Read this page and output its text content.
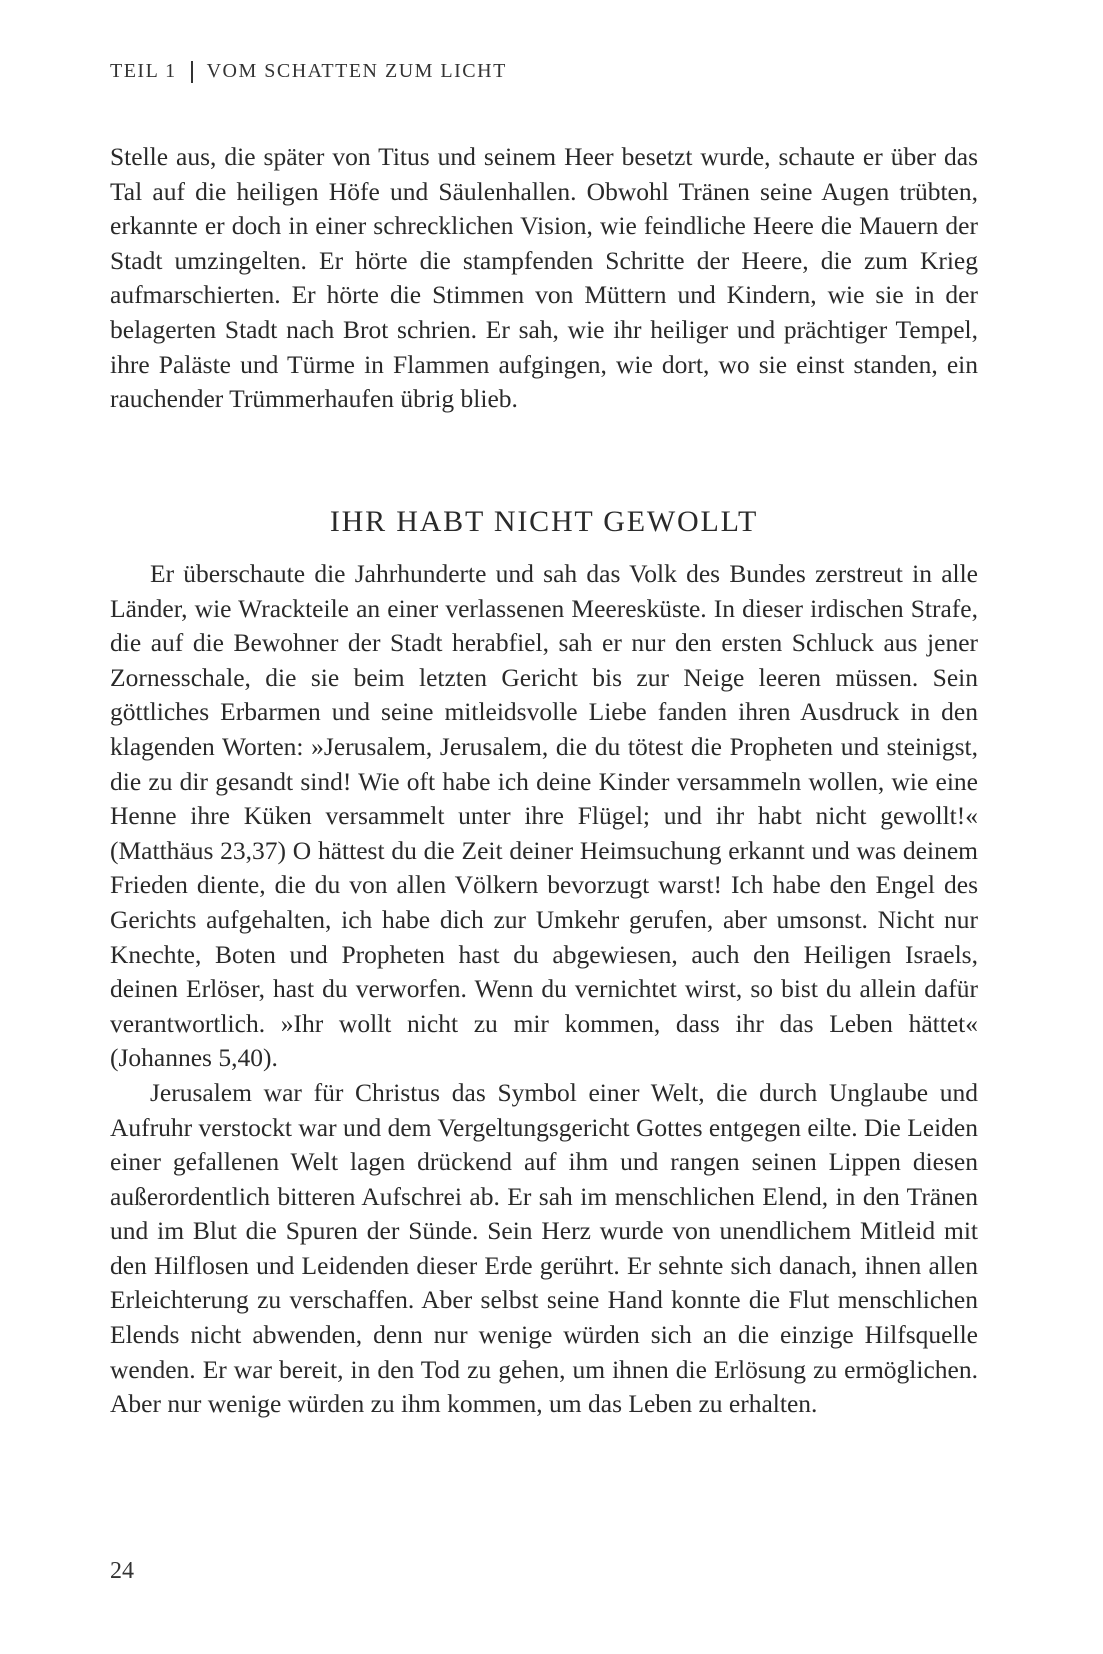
TEIL 1 VOM SCHATTEN ZUM LICHT

Stelle aus, die später von Titus und seinem Heer besetzt wurde, schaute er über das Tal auf die heiligen Höfe und Säulenhallen. Obwohl Tränen seine Augen trübten, erkannte er doch in einer schrecklichen Vision, wie feindliche Heere die Mauern der Stadt umzingelten. Er hörte die stampfenden Schritte der Heere, die zum Krieg aufmarschierten. Er hörte die Stimmen von Müttern und Kindern, wie sie in der belagerten Stadt nach Brot schrien. Er sah, wie ihr heiliger und prächtiger Tempel, ihre Paläste und Türme in Flammen aufgingen, wie dort, wo sie einst standen, ein rauchender Trümmerhaufen übrig blieb.

IHR HABT NICHT GEWOLLT

Er überschaute die Jahrhunderte und sah das Volk des Bundes zerstreut in alle Länder, wie Wrackteile an einer verlassenen Meeresküste. In dieser irdischen Strafe, die auf die Bewohner der Stadt herabfiel, sah er nur den ersten Schluck aus jener Zornesschale, die sie beim letzten Gericht bis zur Neige leeren müssen. Sein göttliches Erbarmen und seine mitleidsvolle Liebe fanden ihren Ausdruck in den klagenden Worten: »Jerusalem, Jerusalem, die du tötest die Propheten und steinigst, die zu dir gesandt sind! Wie oft habe ich deine Kinder versammeln wollen, wie eine Henne ihre Küken versammelt unter ihre Flügel; und ihr habt nicht gewollt!« (Matthäus 23,37) O hättest du die Zeit deiner Heimsuchung erkannt und was deinem Frieden diente, die du von allen Völkern bevorzugt warst! Ich habe den Engel des Gerichts aufgehalten, ich habe dich zur Umkehr gerufen, aber umsonst. Nicht nur Knechte, Boten und Propheten hast du abgewiesen, auch den Heiligen Israels, deinen Erlöser, hast du verworfen. Wenn du vernichtet wirst, so bist du allein dafür verantwortlich. »Ihr wollt nicht zu mir kommen, dass ihr das Leben hättet« (Johannes 5,40).

Jerusalem war für Christus das Symbol einer Welt, die durch Unglaube und Aufruhr verstockt war und dem Vergeltungsgericht Gottes entgegen eilte. Die Leiden einer gefallenen Welt lagen drückend auf ihm und rangen seinen Lippen diesen außerordentlich bitteren Aufschrei ab. Er sah im menschlichen Elend, in den Tränen und im Blut die Spuren der Sünde. Sein Herz wurde von unendlichem Mitleid mit den Hilflosen und Leidenden dieser Erde gerührt. Er sehnte sich danach, ihnen allen Erleichterung zu verschaffen. Aber selbst seine Hand konnte die Flut menschlichen Elends nicht abwenden, denn nur wenige würden sich an die einzige Hilfsquelle wenden. Er war bereit, in den Tod zu gehen, um ihnen die Erlösung zu ermöglichen. Aber nur wenige würden zu ihm kommen, um das Leben zu erhalten.

24
